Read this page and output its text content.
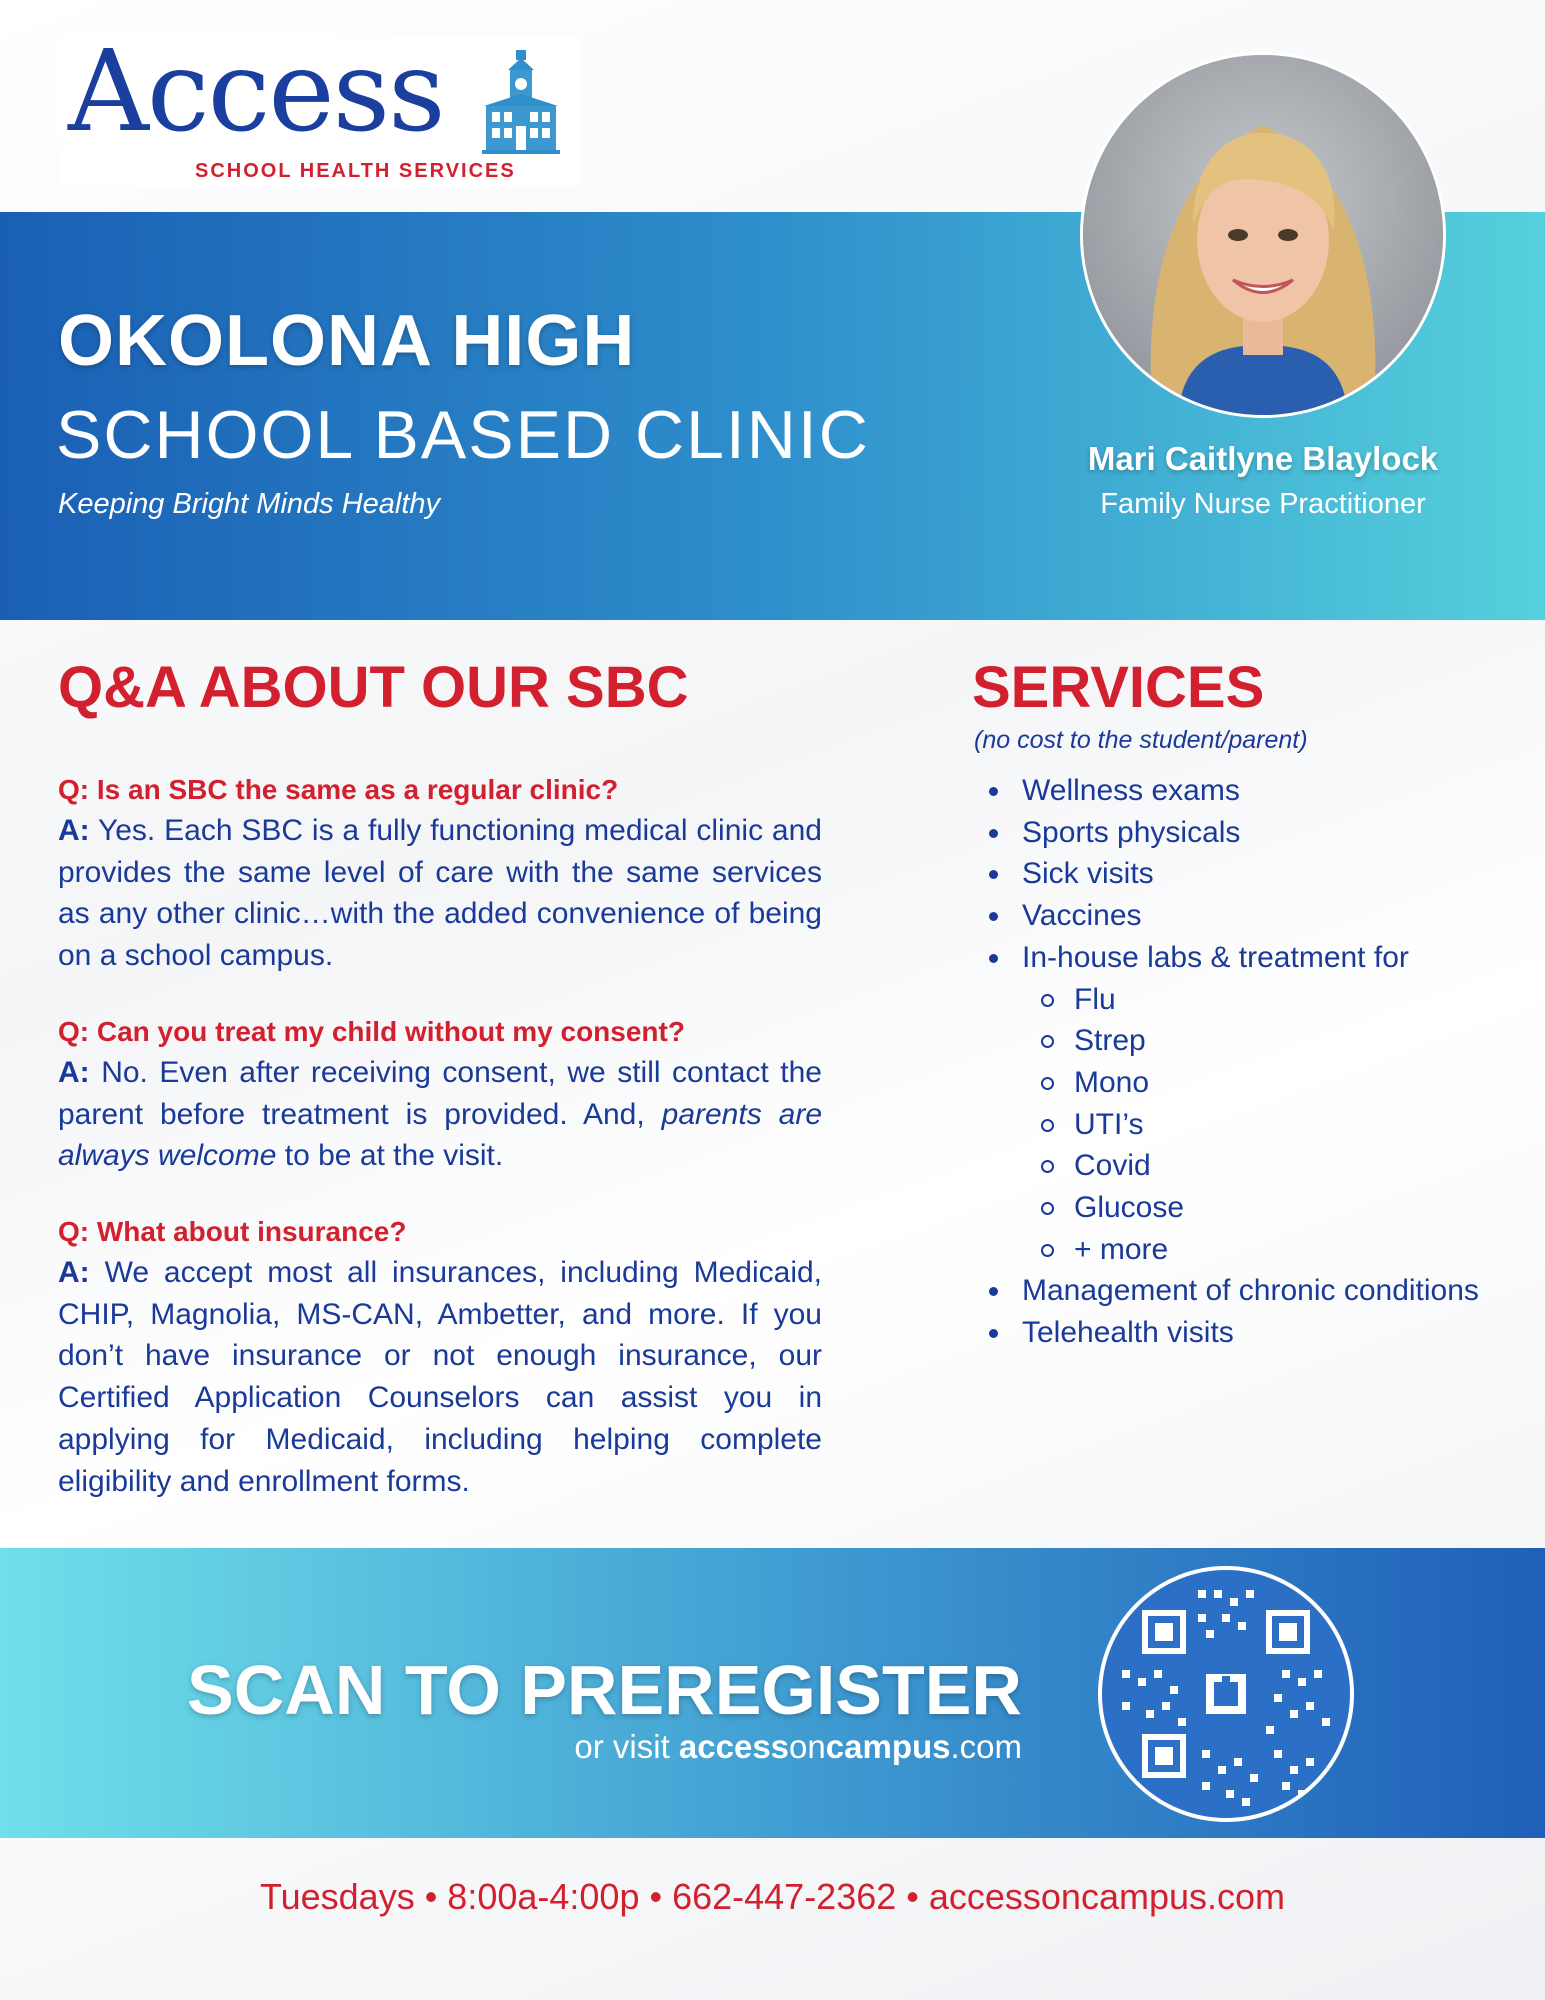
Access
SCHOOL HEALTH SERVICES
OKOLONA HIGH
SCHOOL BASED CLINIC
Keeping Bright Minds Healthy
Mari Caitlyne Blaylock
Family Nurse Practitioner
Q&A ABOUT OUR SBC
Q: Is an SBC the same as a regular clinic?
A: Yes. Each SBC is a fully functioning medical clinic and provides the same level of care with the same services as any other clinic…with the added convenience of being on a school campus.
Q: Can you treat my child without my consent?
A: No. Even after receiving consent, we still contact the parent before treatment is provided. And, parents are always welcome to be at the visit.
Q: What about insurance?
A: We accept most all insurances, including Medicaid, CHIP, Magnolia, MS-CAN, Ambetter, and more. If you don’t have insurance or not enough insurance, our Certified Application Counselors can assist you in applying for Medicaid, including helping complete eligibility and enrollment forms.
SERVICES
(no cost to the student/parent)
Wellness exams
Sports physicals
Sick visits
Vaccines
In-house labs & treatment for
Flu
Strep
Mono
UTI’s
Covid
Glucose
+ more
Management of chronic conditions
Telehealth visits
SCAN TO PREREGISTER
or visit accessoncampus.com
Tuesdays • 8:00a-4:00p • 662-447-2362 • accessoncampus.com
